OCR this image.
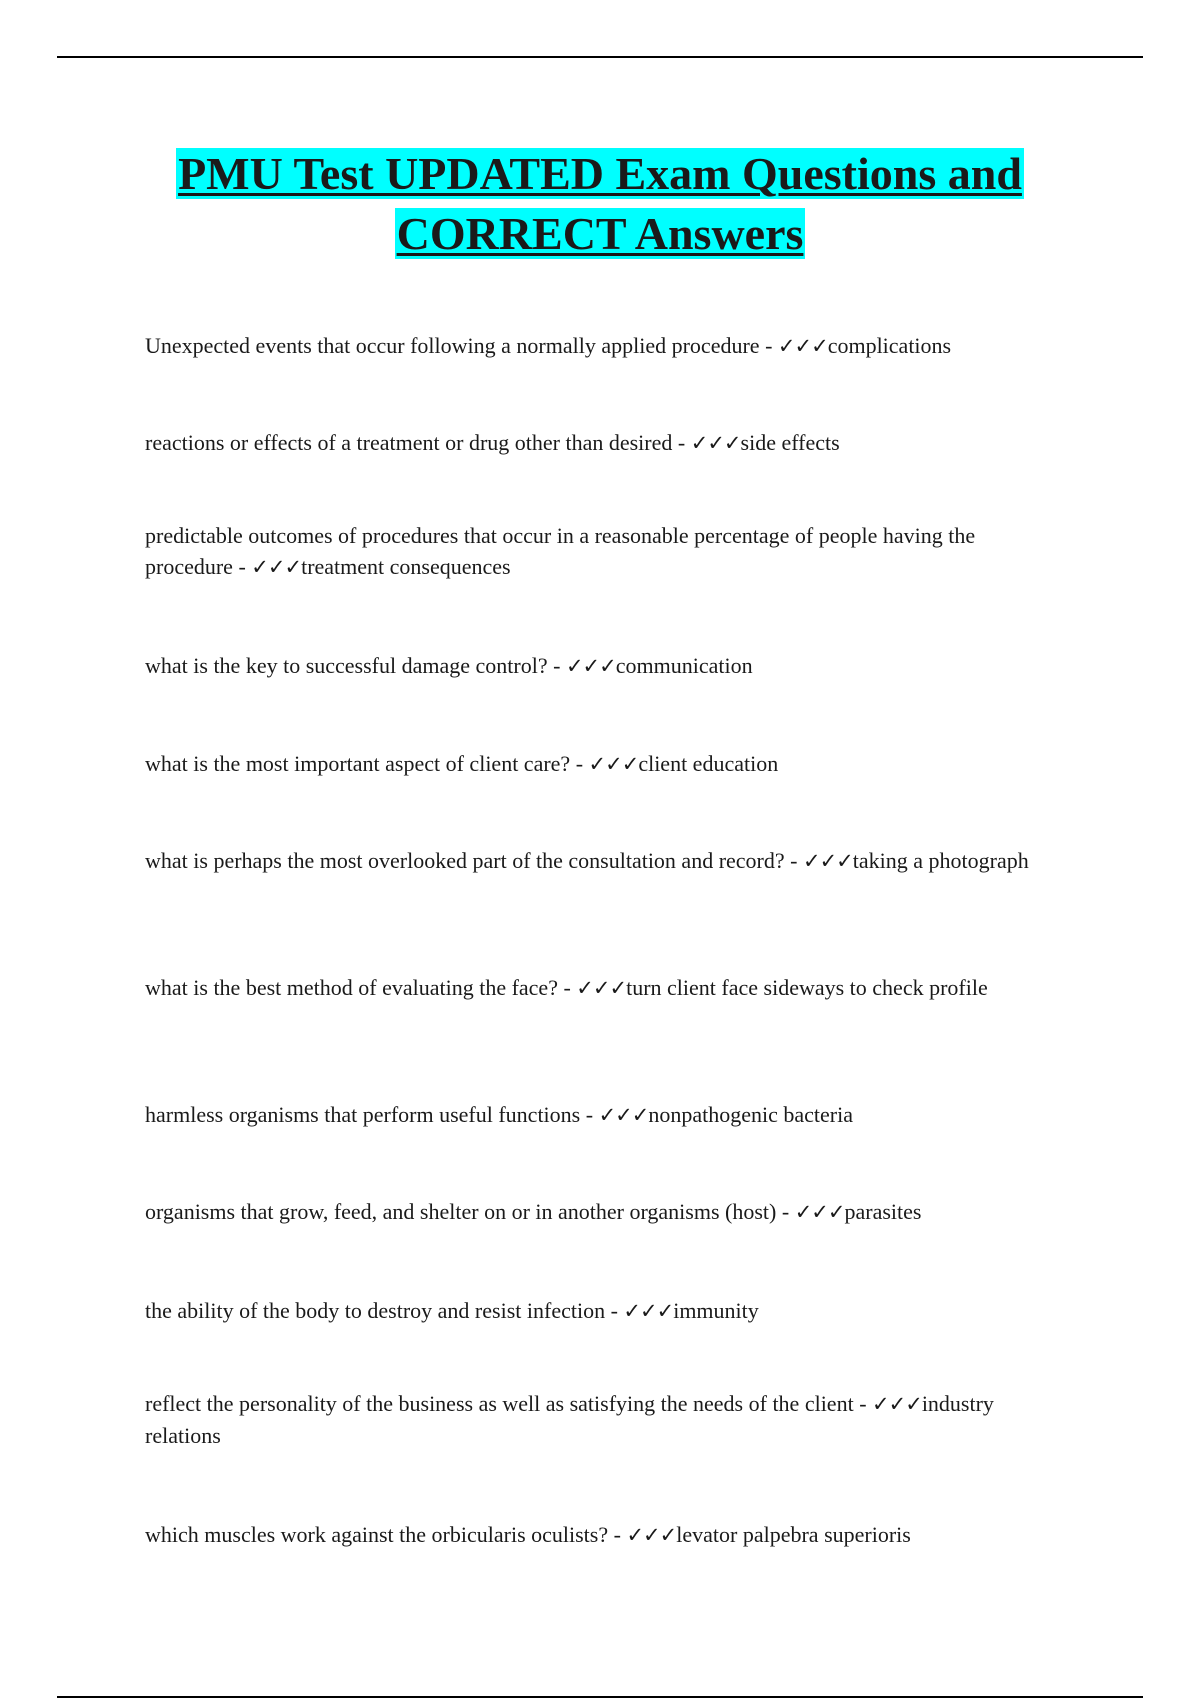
PMU Test UPDATED Exam Questions and
CORRECT Answers
Unexpected events that occur following a normally applied procedure - ✓✓✓complications
reactions or effects of a treatment or drug other than desired - ✓✓✓side effects
predictable outcomes of procedures that occur in a reasonable percentage of people having the procedure - ✓✓✓treatment consequences
what is the key to successful damage control? - ✓✓✓communication
what is the most important aspect of client care? - ✓✓✓client education
what is perhaps the most overlooked part of the consultation and record? - ✓✓✓taking a photograph
what is the best method of evaluating the face? - ✓✓✓turn client face sideways to check profile
harmless organisms that perform useful functions - ✓✓✓nonpathogenic bacteria
organisms that grow, feed, and shelter on or in another organisms (host) - ✓✓✓parasites
the ability of the body to destroy and resist infection - ✓✓✓immunity
reflect the personality of the business as well as satisfying the needs of the client - ✓✓✓industry relations
which muscles work against the orbicularis oculists? - ✓✓✓levator palpebra superioris
